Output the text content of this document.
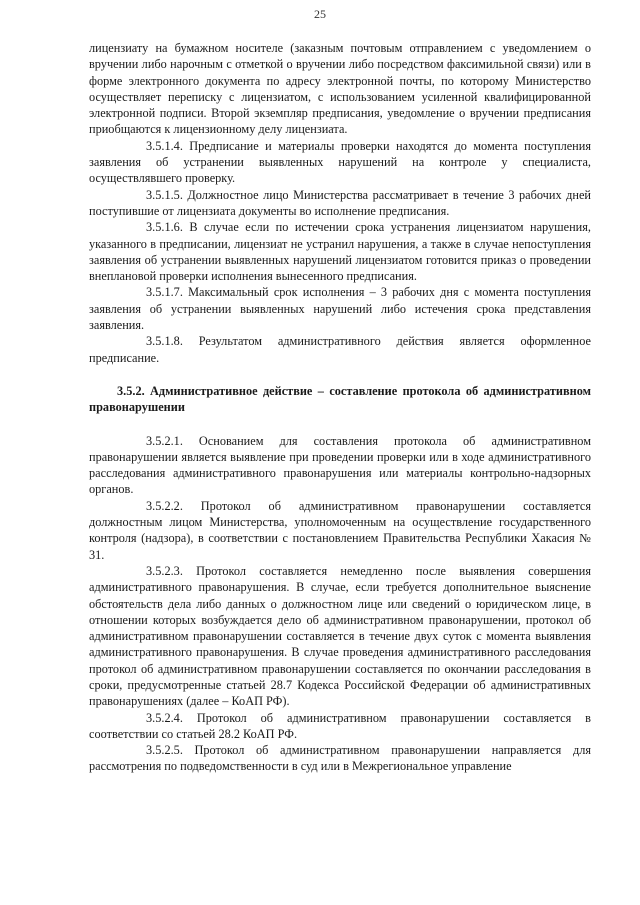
25

лицензиату на бумажном носителе (заказным почтовым отправлением с уведомлением о вручении либо нарочным с отметкой о вручении либо посредством факсимильной связи) или в форме электронного документа по адресу электронной почты, по которому Министерство осуществляет переписку с лицензиатом, с использованием усиленной квалифицированной электронной подписи. Второй экземпляр предписания, уведомление о вручении предписания приобщаются к лицензионному делу лицензиата.

3.5.1.4. Предписание и материалы проверки находятся до момента поступления заявления об устранении выявленных нарушений на контроле у специалиста, осуществлявшего проверку.

3.5.1.5. Должностное лицо Министерства рассматривает в течение 3 рабочих дней поступившие от лицензиата документы во исполнение предписания.

3.5.1.6. В случае если по истечении срока устранения лицензиатом нарушения, указанного в предписании, лицензиат не устранил нарушения, а также в случае непоступления заявления об устранении выявленных нарушений лицензиатом готовится приказ о проведении внеплановой проверки исполнения вынесенного предписания.

3.5.1.7. Максимальный срок исполнения – 3 рабочих дня с момента поступления заявления об устранении выявленных нарушений либо истечения срока представления заявления.

3.5.1.8. Результатом административного действия является оформленное предписание.

3.5.2. Административное действие – составление протокола об административном правонарушении

3.5.2.1. Основанием для составления протокола об административном правонарушении является выявление при проведении проверки или в ходе административного расследования административного правонарушения или материалы контрольно-надзорных органов.

3.5.2.2. Протокол об административном правонарушении составляется должностным лицом Министерства, уполномоченным на осуществление государственного контроля (надзора), в соответствии с постановлением Правительства Республики Хакасия № 31.

3.5.2.3. Протокол составляется немедленно после выявления совершения административного правонарушения. В случае, если требуется дополнительное выяснение обстоятельств дела либо данных о должностном лице или сведений о юридическом лице, в отношении которых возбуждается дело об административном правонарушении, протокол об административном правонарушении составляется в течение двух суток с момента выявления административного правонарушения. В случае проведения административного расследования протокол об административном правонарушении составляется по окончании расследования в сроки, предусмотренные статьей 28.7 Кодекса Российской Федерации об административных правонарушениях (далее – КоАП РФ).

3.5.2.4. Протокол об административном правонарушении составляется в соответствии со статьей 28.2 КоАП РФ.

3.5.2.5. Протокол об административном правонарушении направляется для рассмотрения по подведомственности в суд или в Межрегиональное управление
